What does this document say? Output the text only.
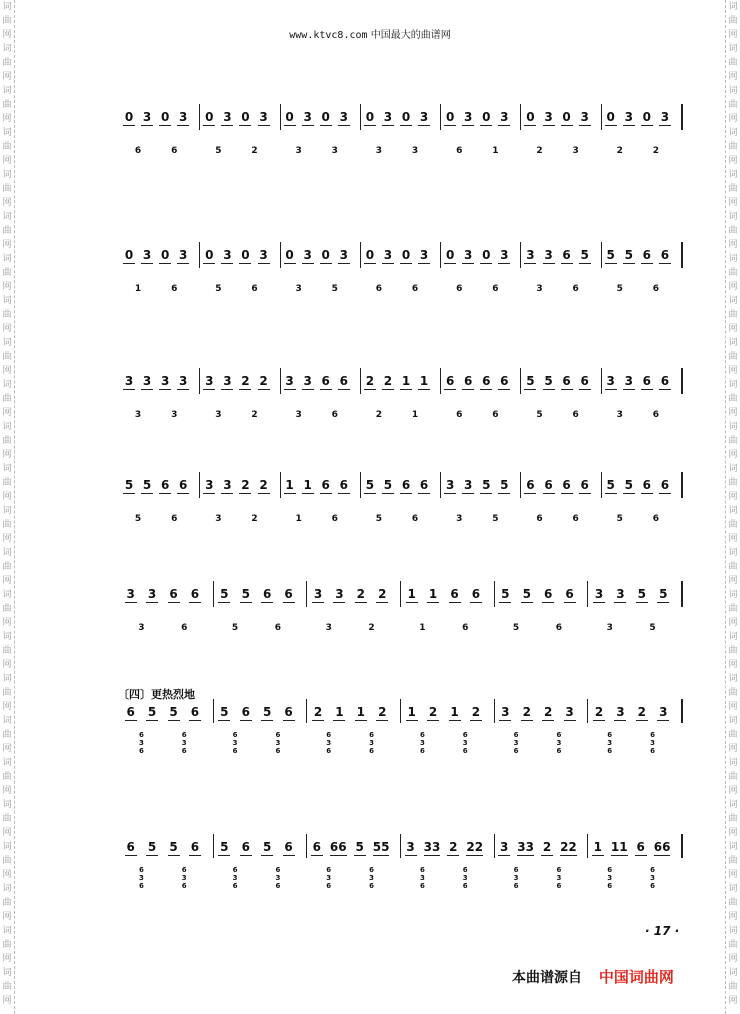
词
曲
网
词
曲
网
词
曲
网
词
曲
网
词
曲
网
词
曲
网
词
曲
网
词
曲
网
词
曲
网
词
曲
网
词
曲
网
词
曲
网
词
曲
网
词
曲
网
词
曲
网
词
曲
网
词
曲
网
词
曲
网
词
曲
网
词
曲
网
词
曲
网
词
曲
网
词
曲
网
词
曲
网
词
曲
网
词
曲
网
词
曲
网
词
曲
网
词
曲
网
词
曲
网
词
曲
网
词
曲
网
词
曲
网
词
曲
网
词
曲
网
词
曲
网
词
曲
网
词
曲
网
词
曲
网
词
曲
网
词
曲
网
词
曲
网
词
曲
网
词
曲
网
词
曲
网
词
曲
网
词
曲
网
词
曲
网
www.ktvc8.com 中国最大的曲谱网
0 3 0 3
6	6
0 3 0 3
5	2
0 3 0 3
3	3
0 3 0 3
3	3
0 3 0 3
6	1
0 3 0 3
2	3
0 3 0 3
2	2
0 3 0 3
1	6
0 3 0 3
5	6
0 3 0 3
3	5
0 3 0 3
6	6
0 3 0 3
6	6
3 3 6 5
3	6
5 5 6 6
5	6
3 3 3 3
3	3
3 3 2 2
3	2
3 3 6 6
3	6
2 2 1 1
2	1
6 6 6 6
6	6
5 5 6 6
5	6
3 3 6 6
3	6
5 5 6 6
5	6
3 3 2 2
3	2
1 1 6 6
1	6
5 5 6 6
5	6
3 3 5 5
3	5
6 6 6 6
6	6
5 5 6 6
5	6
3 3 6 6
3	6
5 5 6 6
5	6
3 3 2 2
3	2
1 1 6 6
1	6
5 5 6 6
5	6
3 3 5 5
3	5
6 5 5 6
6
3
6
6
3
6
5 6 5 6
6
3
6
6
3
6
2 1 1 2
6
3
6
6
3
6
1 2 1 2
6
3
6
6
3
6
3 2 2 3
6
3
6
6
3
6
2 3 2 3
6
3
6
6
3
6
6 5 5 6
6
3
6
6
3
6
5 6 5 6
6
3
6
6
3
6
6 66 5 55
6
3
6
6
3
6
3 33 2 22
6
3
6
6
3
6
3 33 2 22
6
3
6
6
3
6
1 11 6 66
6
3
6
6
3
6
〔四〕更热烈地
· 17 ·
本曲谱源自 中国词曲网
